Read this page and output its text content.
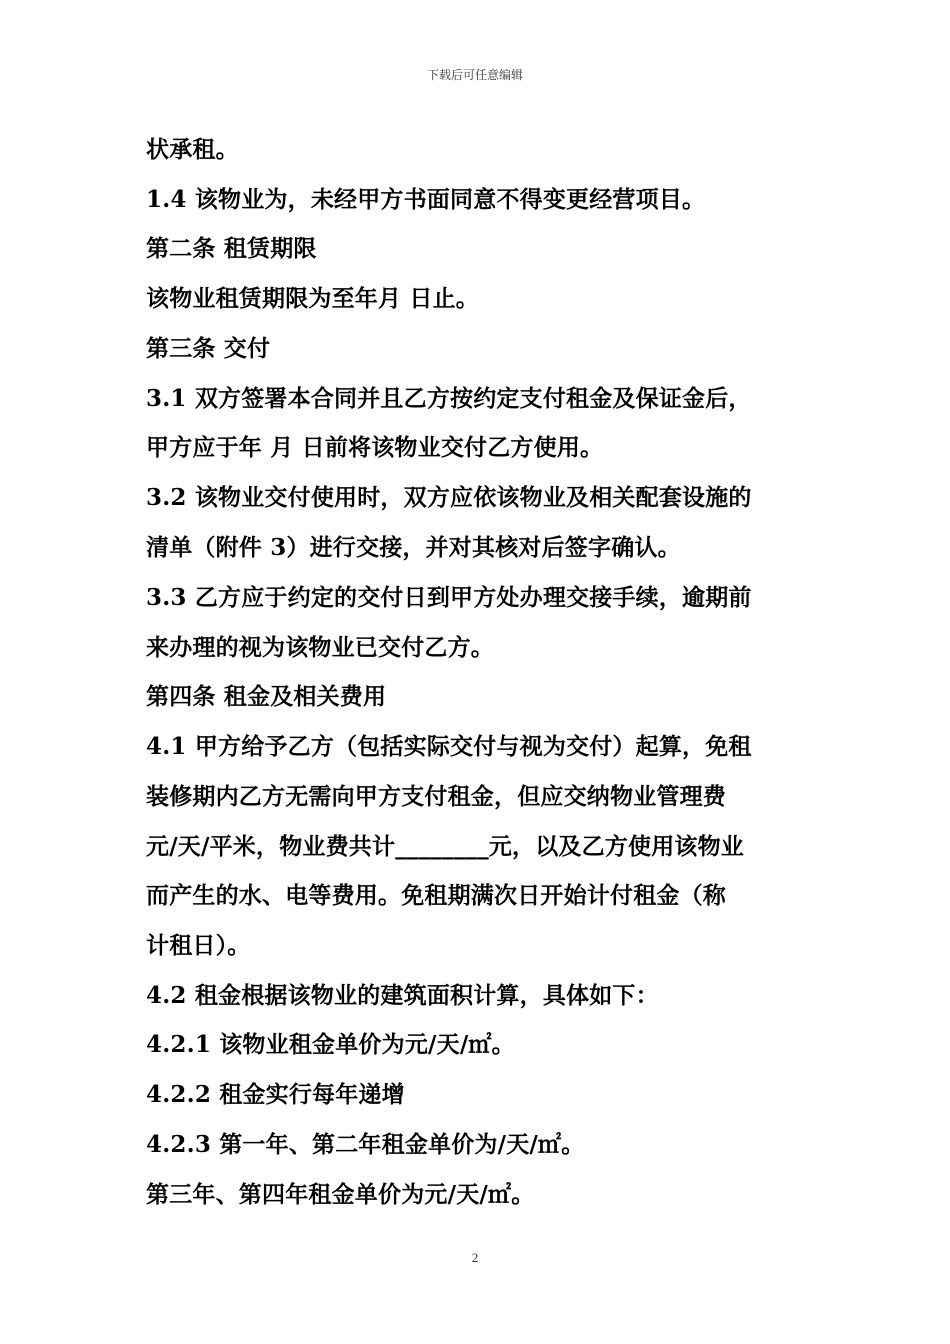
下载后可任意编辑
状承租。
1.4 该物业为，未经甲方书面同意不得变更经营项目。
第二条 租赁期限
该物业租赁期限为至年月 日止。
第三条 交付
3.1 双方签署本合同并且乙方按约定支付租金及保证金后，
甲方应于年 月 日前将该物业交付乙方使用。
3.2 该物业交付使用时，双方应依该物业及相关配套设施的
清单（附件 3）进行交接，并对其核对后签字确认。
3.3 乙方应于约定的交付日到甲方处办理交接手续，逾期前
来办理的视为该物业已交付乙方。
第四条 租金及相关费用
4.1 甲方给予乙方（包括实际交付与视为交付）起算，免租
装修期内乙方无需向甲方支付租金，但应交纳物业管理费
元/天/平米，物业费共计________元，以及乙方使用该物业
而产生的水、电等费用。免租期满次日开始计付租金（称
计租日）。
4.2 租金根据该物业的建筑面积计算，具体如下：
4.2.1 该物业租金单价为元/天/㎡。
4.2.2 租金实行每年递增
4.2.3 第一年、第二年租金单价为/天/㎡。
第三年、第四年租金单价为元/天/㎡。
2
